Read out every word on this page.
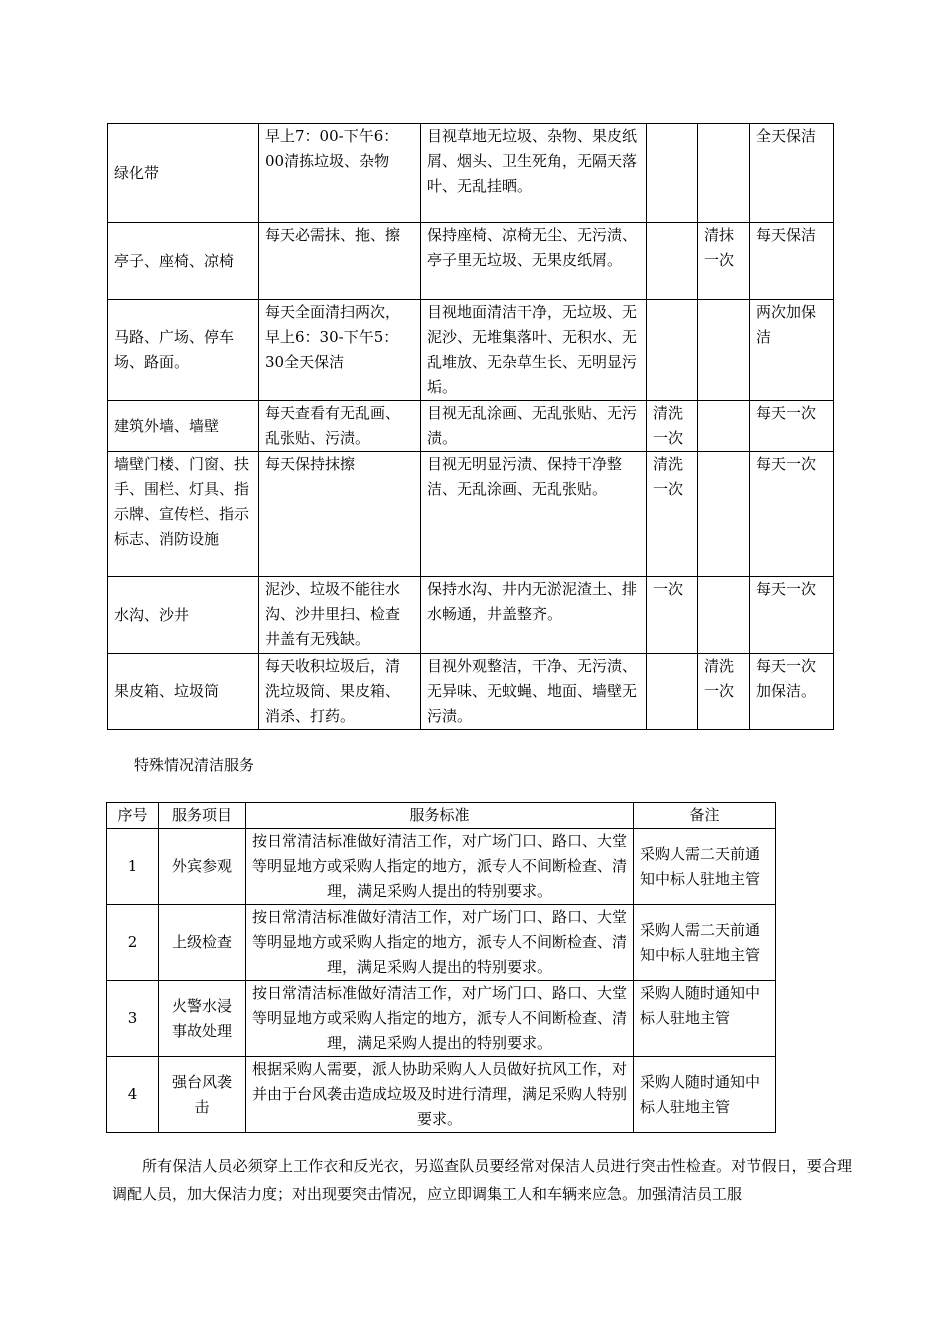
绿化带	早上7：00-下午6：00清拣垃圾、杂物	目视草地无垃圾、杂物、果皮纸屑、烟头、卫生死角，无隔天落叶、无乱挂晒。			全天保洁
亭子、座椅、凉椅	每天必需抹、拖、擦	保持座椅、凉椅无尘、无污渍、亭子里无垃圾、无果皮纸屑。		清抹一次	每天保洁
马路、广场、停车场、路面。	每天全面清扫两次，早上6：30-下午5：30全天保洁	目视地面清洁干净，无垃圾、无泥沙、无堆集落叶、无积水、无乱堆放、无杂草生长、无明显污垢。			两次加保洁
建筑外墙、墙壁	每天查看有无乱画、乱张贴、污渍。	目视无乱涂画、无乱张贴、无污渍。	清洗一次		每天一次
墙壁门楼、门窗、扶手、围栏、灯具、指示牌、宣传栏、指示标志、消防设施	每天保持抹擦	目视无明显污渍、保持干净整洁、无乱涂画、无乱张贴。	清洗一次		每天一次
水沟、沙井	泥沙、垃圾不能往水沟、沙井里扫、检查井盖有无残缺。	保持水沟、井内无淤泥渣土、排水畅通，井盖整齐。	一次		每天一次
果皮箱、垃圾筒	每天收积垃圾后，清洗垃圾筒、果皮箱、消杀、打药。	目视外观整洁，干净、无污渍、无异味、无蚊蝇、地面、墙壁无污渍。		清洗一次	每天一次加保洁。

特殊情况清洁服务

序号	服务项目	服务标准	备注
1	外宾参观	按日常清洁标准做好清洁工作，对广场门口、路口、大堂等明显地方或采购人指定的地方，派专人不间断检查、清理，满足采购人提出的特别要求。	采购人需二天前通知中标人驻地主管
2	上级检查	按日常清洁标准做好清洁工作，对广场门口、路口、大堂等明显地方或采购人指定的地方，派专人不间断检查、清理，满足采购人提出的特别要求。	采购人需二天前通知中标人驻地主管
3	火警水浸事故处理	按日常清洁标准做好清洁工作，对广场门口、路口、大堂等明显地方或采购人指定的地方，派专人不间断检查、清理，满足采购人提出的特别要求。	采购人随时通知中标人驻地主管
4	强台风袭击	根据采购人需要，派人协助采购人人员做好抗风工作，对并由于台风袭击造成垃圾及时进行清理，满足采购人特别要求。	采购人随时通知中标人驻地主管

所有保洁人员必须穿上工作衣和反光衣，另巡查队员要经常对保洁人员进行突击性检查。对节假日，要合理调配人员，加大保洁力度；对出现要突击情况，应立即调集工人和车辆来应急。加强清洁员工服
